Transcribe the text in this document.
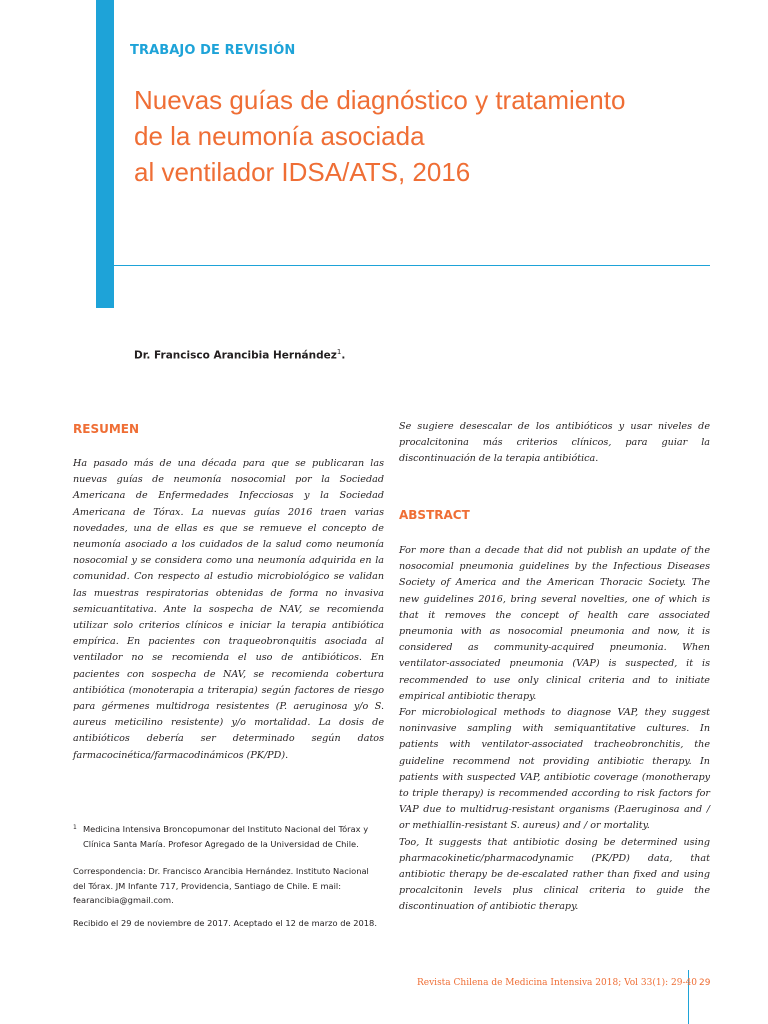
TRABAJO DE REVISIÓN
Nuevas guías de diagnóstico y tratamiento
de la neumonía asociada
al ventilador IDSA/ATS, 2016
Dr. Francisco Arancibia Hernández$^1$.
RESUMEN

Ha pasado más de una década para que se publicaran las nuevas guías de neumonía nosocomial por la Sociedad Americana de Enfermedades Infecciosas y la Sociedad Americana de Tórax. La nuevas guías 2016 traen varias novedades, una de ellas es que se remueve el concepto de neumonía asociado a los cuidados de la salud como neumonía nosocomial y se considera como una neumonía adquirida en la comunidad. Con respecto al estudio microbiológico se validan las muestras respiratorias obtenidas de forma no invasiva semicuantitativa. Ante la sospecha de NAV, se recomienda utilizar solo criterios clínicos e iniciar la terapia antibiótica empírica. En pacientes con traqueobronquitis asociada al ventilador no se recomienda el uso de antibióticos. En pacientes con sospecha de NAV, se recomienda cobertura antibiótica (monoterapia a triterapia) según factores de riesgo para gérmenes multidroga resistentes (P. aeruginosa y/o S. aureus meticilino resistente) y/o mortalidad. La dosis de antibióticos debería ser determinado según datos farmacocinética/farmacodinámicos (PK/PD).

Se sugiere desescalar de los antibióticos y usar niveles de procalcitonina más criterios clínicos, para guiar la discontinuación de la terapia antibiótica.

ABSTRACT

For more than a decade that did not publish an update of the nosocomial pneumonia guidelines by the Infectious Diseases Society of America and the American Thoracic Society. The new guidelines 2016, bring several novelties, one of which is that it removes the concept of health care associated pneumonia with as nosocomial pneumonia and now, it is considered as community-acquired pneumonia. When ventilator-associated pneumonia (VAP) is suspected, it is recommended to use only clinical criteria and to initiate empirical antibiotic therapy.

For microbiological methods to diagnose VAP, they suggest noninvasive sampling with semiquantitative cultures. In patients with ventilator-associated tracheobronchitis, the guideline recommend not providing antibiotic therapy. In patients with suspected VAP, antibiotic coverage (monotherapy to triple therapy) is recommended according to risk factors for VAP due to multidrug-resistant organisms (P.aeruginosa and / or methiallin-resistant S. aureus) and / or mortality.

Too, It suggests that antibiotic dosing be determined using pharmacokinetic/pharmacodynamic (PK/PD) data, that antibiotic therapy be de-escalated rather than fixed and using procalcitonin levels plus clinical criteria to guide the discontinuation of antibiotic therapy.

1 Medicina Intensiva Broncopumonar del Instituto Nacional del Tórax y Clínica Santa María. Profesor Agregado de la Universidad de Chile.

Correspondencia: Dr. Francisco Arancibia Hernández. Instituto Nacional del Tórax. JM Infante 717, Providencia, Santiago de Chile. E mail: fearancibia@gmail.com.

Recibido el 29 de noviembre de 2017. Aceptado el 12 de marzo de 2018.

Revista Chilena de Medicina Intensiva 2018; Vol 33(1): 29-40 29
